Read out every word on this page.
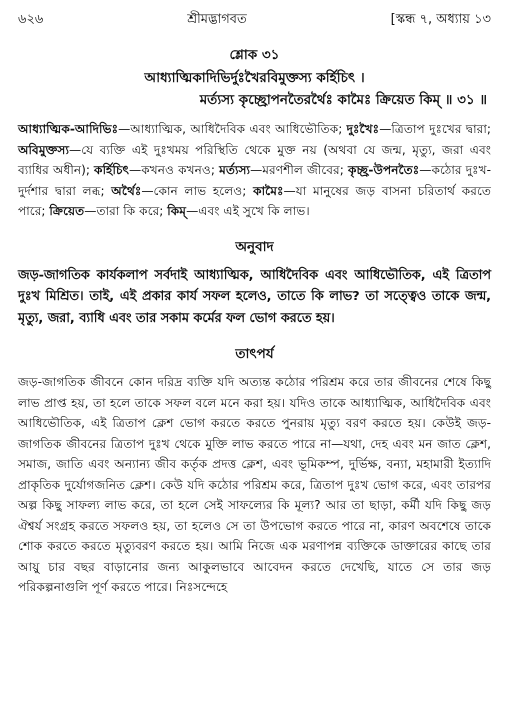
৬২৬	শ্রীমদ্ভাগবত	[স্কন্ধ ৭, অধ্যায় ১৩
শ্লোক ৩১
আধ্যাত্মিকাদিভির্দুঃখৈরবিমুক্তস্য কর্হিচিৎ ।
মর্ত্যস্য কৃচ্ছ্রোপনতৈরর্থৈঃ কামৈঃ ক্রিয়েত কিম্ ॥ ৩১ ॥
আধ্যাত্মিক-আদিভিঃ—আধ্যাত্মিক, আধিদৈবিক এবং আধিভৌতিক; দুঃখৈঃ—ত্রিতাপ দুঃখের দ্বারা; অবিমুক্তস্য—যে ব্যক্তি এই দুঃখময় পরিস্থিতি থেকে মুক্ত নয় (অথবা যে জন্ম, মৃত্যু, জরা এবং ব্যাধির অধীন); কর্হিচিৎ—কখনও কখনও; মর্ত্যস্য—মরণশীল জীবের; কৃচ্ছ্র-উপনতৈঃ—কঠোর দুঃখ-দুর্দশার দ্বারা লব্ধ; অর্থৈঃ—কোন লাভ হলেও; কামৈঃ—যা মানুষের জড় বাসনা চরিতার্থ করতে পারে; ক্রিয়েত—তারা কি করে; কিম্—এবং এই সুখে কি লাভ।
অনুবাদ
জড়-জাগতিক কার্যকলাপ সর্বদাই আধ্যাত্মিক, আধিদৈবিক এবং আধিভৌতিক, এই ত্রিতাপ দুঃখ মিশ্রিত। তাই, এই প্রকার কার্য সফল হলেও, তাতে কি লাভ? তা সত্ত্বেও তাকে জন্ম, মৃত্যু, জরা, ব্যাধি এবং তার সকাম কর্মের ফল ভোগ করতে হয়।
তাৎপর্য
জড়-জাগতিক জীবনে কোন দরিদ্র ব্যক্তি যদি অত্যন্ত কঠোর পরিশ্রম করে তার জীবনের শেষে কিছু লাভ প্রাপ্ত হয়, তা হলে তাকে সফল বলে মনে করা হয়। যদিও তাকে আধ্যাত্মিক, আধিদৈবিক এবং আধিভৌতিক, এই ত্রিতাপ ক্লেশ ভোগ করতে করতে পুনরায় মৃত্যু বরণ করতে হয়। কেউই জড়-জাগতিক জীবনের ত্রিতাপ দুঃখ থেকে মুক্তি লাভ করতে পারে না—যথা, দেহ এবং মন জাত ক্লেশ, সমাজ, জাতি এবং অন্যান্য জীব কর্তৃক প্রদত্ত ক্লেশ, এবং ভূমিকম্প, দুর্ভিক্ষ, বন্যা, মহামারী ইত্যাদি প্রাকৃতিক দুর্যোগজনিত ক্লেশ। কেউ যদি কঠোর পরিশ্রম করে, ত্রিতাপ দুঃখ ভোগ করে, এবং তারপর অল্প কিছু সাফল্য লাভ করে, তা হলে সেই সাফল্যের কি মূল্য? আর তা ছাড়া, কর্মী যদি কিছু জড় ঐশ্বর্য সংগ্রহ করতে সফলও হয়, তা হলেও সে তা উপভোগ করতে পারে না, কারণ অবশেষে তাকে শোক করতে করতে মৃত্যুবরণ করতে হয়। আমি নিজে এক মরণাপন্ন ব্যক্তিকে ডাক্তারের কাছে তার আয়ু চার বছর বাড়ানোর জন্য আকুলভাবে আবেদন করতে দেখেছি, যাতে সে তার জড় পরিকল্পনাগুলি পূর্ণ করতে পারে। নিঃসন্দেহে
